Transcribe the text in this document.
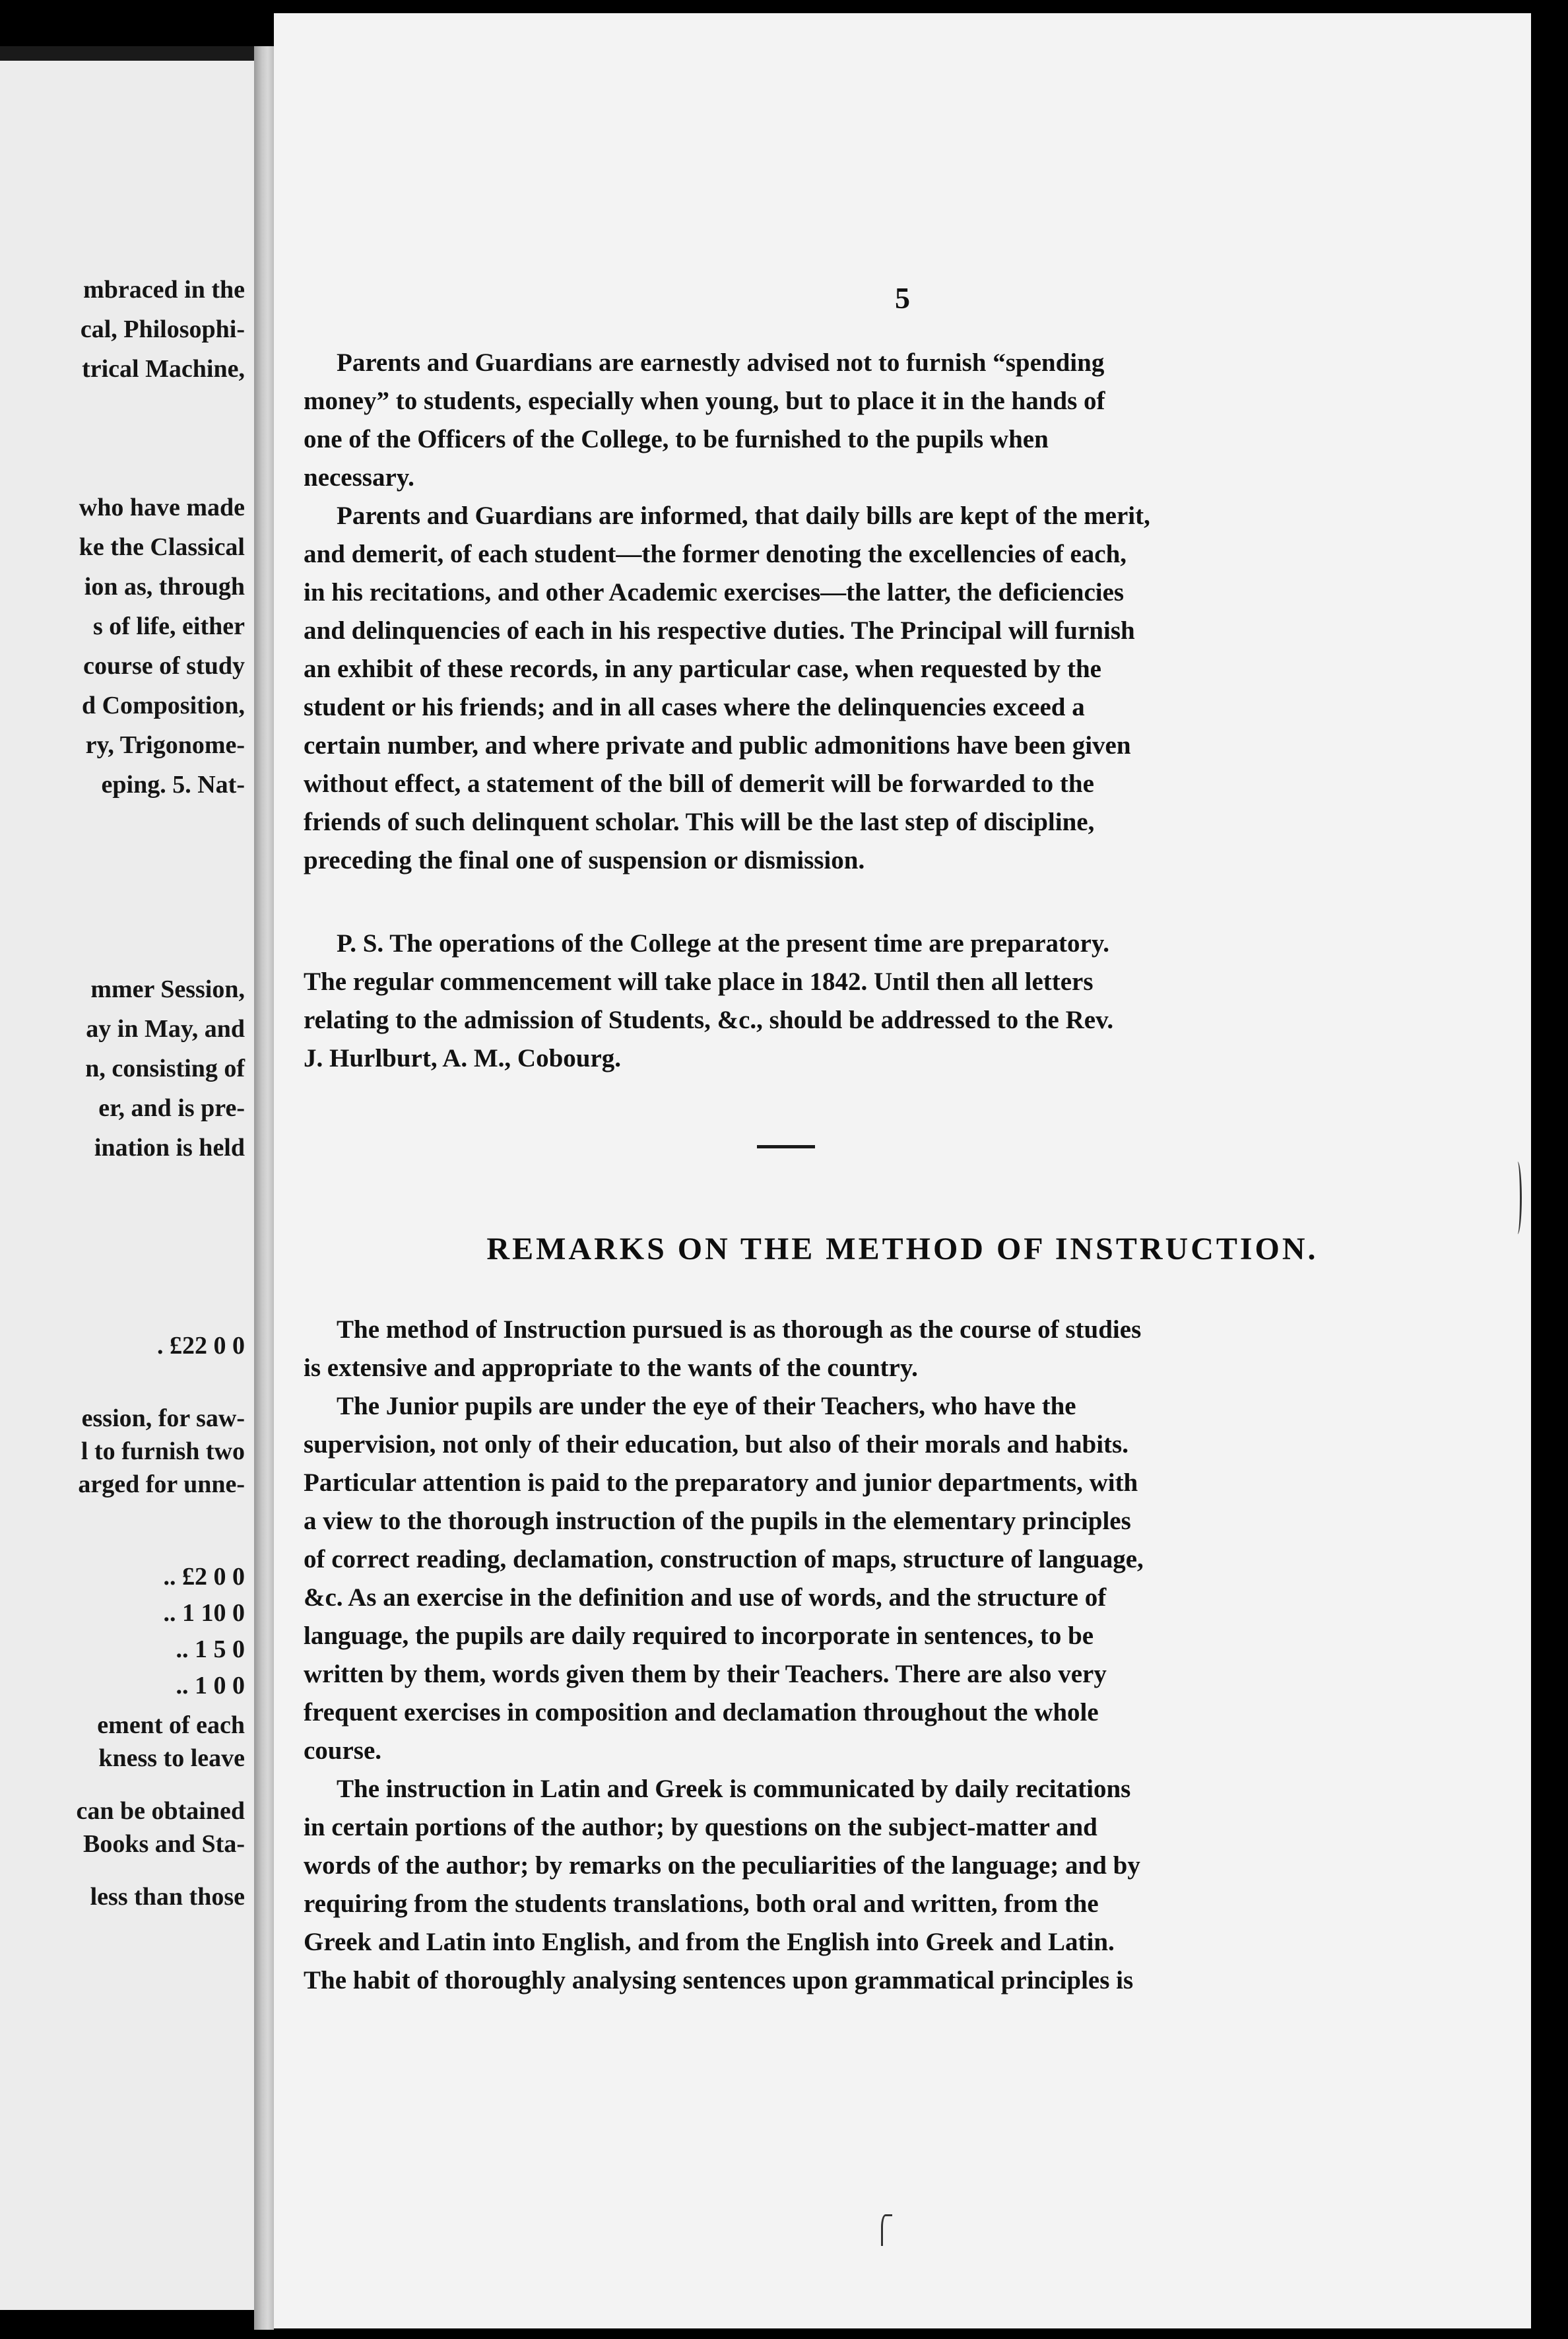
mbraced in the
cal, Philosophi-
trical Machine,
who have made
ke the Classical
ion as, through
s of life, either
course of study
d Composition,
ry, Trigonome-
eping. 5. Nat-
mmer Session,
ay in May, and
n, consisting of
er, and is pre-
ination is held
. £22 0 0
ession, for saw-
l to furnish two
arged for unne-
.. £2 0 0
.. 1 10 0
.. 1 5 0
.. 1 0 0
ement of each
kness to leave
can be obtained
Books and Sta-
less than those
5
Parents and Guardians are earnestly advised not to furnish “spending
money” to students, especially when young, but to place it in the hands of
one of the Officers of the College, to be furnished to the pupils when
necessary.
Parents and Guardians are informed, that daily bills are kept of the merit,
and demerit, of each student—the former denoting the excellencies of each,
in his recitations, and other Academic exercises—the latter, the deficiencies
and delinquencies of each in his respective duties. The Principal will furnish
an exhibit of these records, in any particular case, when requested by the
student or his friends; and in all cases where the delinquencies exceed a
certain number, and where private and public admonitions have been given
without effect, a statement of the bill of demerit will be forwarded to the
friends of such delinquent scholar. This will be the last step of discipline,
preceding the final one of suspension or dismission.
P. S. The operations of the College at the present time are preparatory.
The regular commencement will take place in 1842. Until then all letters
relating to the admission of Students, &c., should be addressed to the Rev.
J. Hurlburt, A. M., Cobourg.
REMARKS ON THE METHOD OF INSTRUCTION.
The method of Instruction pursued is as thorough as the course of studies
is extensive and appropriate to the wants of the country.
The Junior pupils are under the eye of their Teachers, who have the
supervision, not only of their education, but also of their morals and habits.
Particular attention is paid to the preparatory and junior departments, with
a view to the thorough instruction of the pupils in the elementary principles
of correct reading, declamation, construction of maps, structure of language,
&c. As an exercise in the definition and use of words, and the structure of
language, the pupils are daily required to incorporate in sentences, to be
written by them, words given them by their Teachers. There are also very
frequent exercises in composition and declamation throughout the whole
course.
The instruction in Latin and Greek is communicated by daily recitations
in certain portions of the author; by questions on the subject-matter and
words of the author; by remarks on the peculiarities of the language; and by
requiring from the students translations, both oral and written, from the
Greek and Latin into English, and from the English into Greek and Latin.
The habit of thoroughly analysing sentences upon grammatical principles is
